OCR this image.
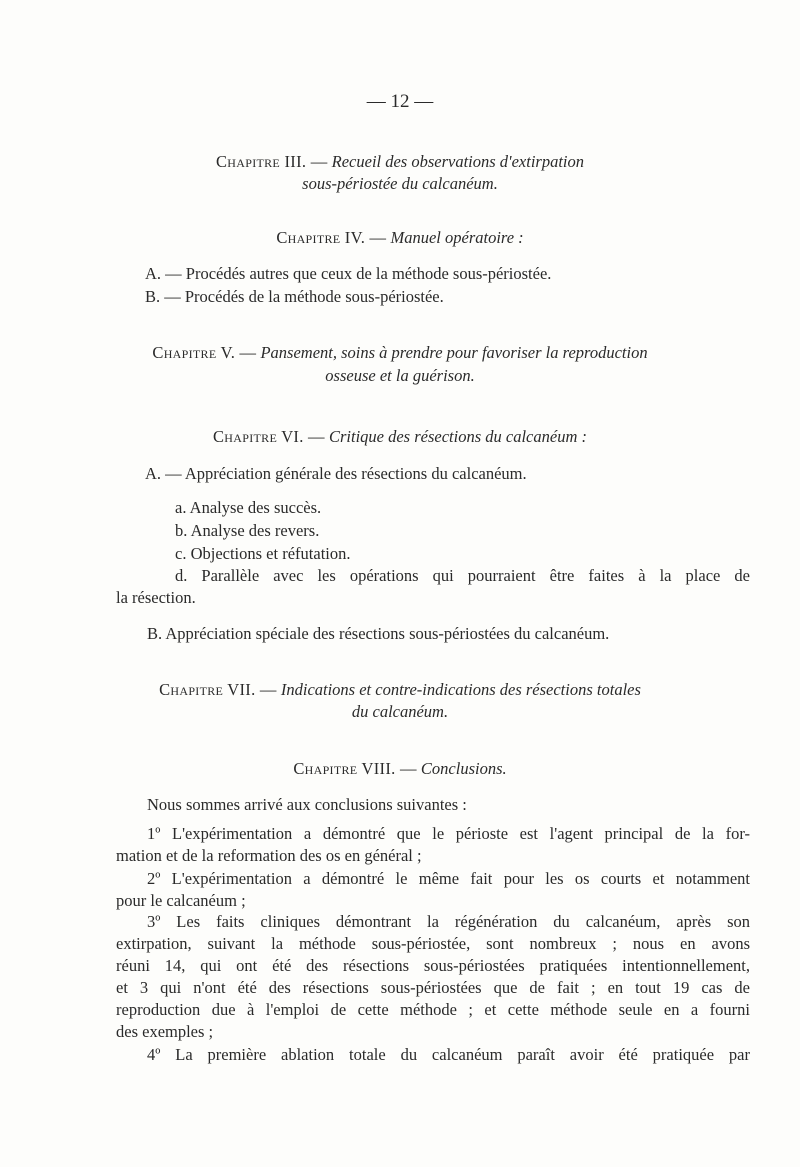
— 12 —
Chapitre III. — Recueil des observations d'extirpation
sous-périostée du calcanéum.
Chapitre IV. — Manuel opératoire :
A. — Procédés autres que ceux de la méthode sous-périostée.
B. — Procédés de la méthode sous-périostée.
Chapitre V. — Pansement, soins à prendre pour favoriser la reproduction
osseuse et la guérison.
Chapitre VI. — Critique des résections du calcanéum :
A. — Appréciation générale des résections du calcanéum.
a. Analyse des succès.
b. Analyse des revers.
c. Objections et réfutation.
d. Parallèle avec les opérations qui pourraient être faites à la place de
la résection.
B. Appréciation spéciale des résections sous-périostées du calcanéum.
Chapitre VII. — Indications et contre-indications des résections totales
du calcanéum.
Chapitre VIII. — Conclusions.
Nous sommes arrivé aux conclusions suivantes :
1º L'expérimentation a démontré que le périoste est l'agent principal de la for-
mation et de la reformation des os en général ;
2º L'expérimentation a démontré le même fait pour les os courts et notamment
pour le calcanéum ;
3º Les faits cliniques démontrant la régénération du calcanéum, après son
extirpation, suivant la méthode sous-périostée, sont nombreux ; nous en avons
réuni 14, qui ont été des résections sous-périostées pratiquées intentionnellement,
et 3 qui n'ont été des résections sous-périostées que de fait ; en tout 19 cas de
reproduction due à l'emploi de cette méthode ; et cette méthode seule en a fourni
des exemples ;
4º La première ablation totale du calcanéum paraît avoir été pratiquée par
